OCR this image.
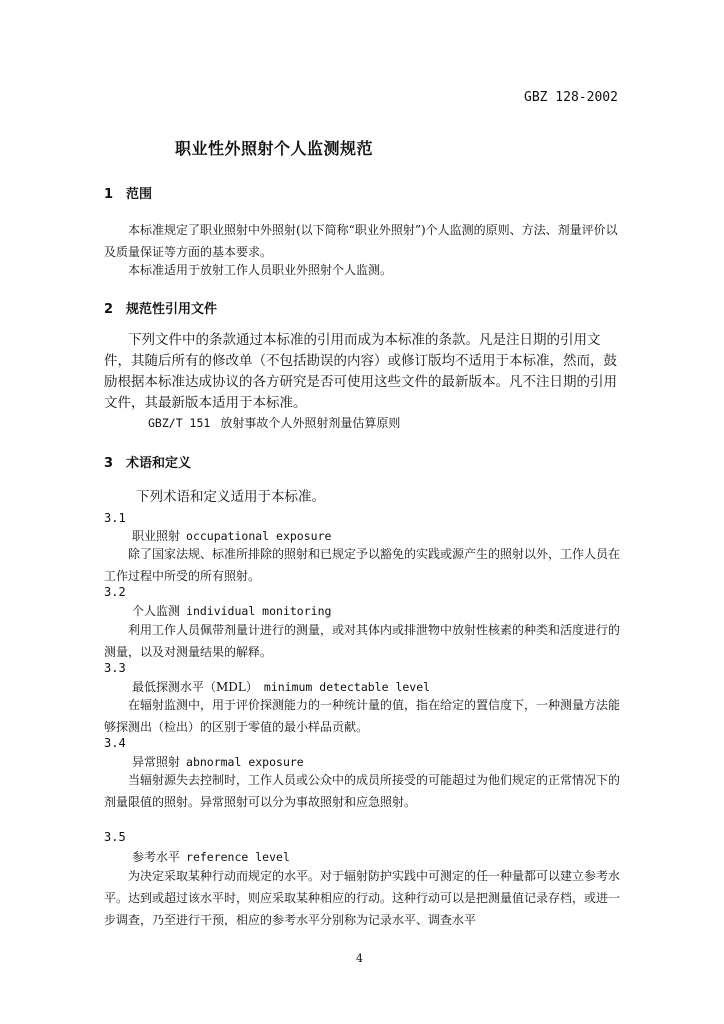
GBZ 128-2002
职业性外照射个人监测规范
1 范围
本标准规定了职业照射中外照射(以下简称“职业外照射”)个人监测的原则、方法、剂量评价以及质量保证等方面的基本要求。
本标准适用于放射工作人员职业外照射个人监测。
2 规范性引用文件
下列文件中的条款通过本标准的引用而成为本标准的条款。凡是注日期的引用文件，其随后所有的修改单（不包括勘误的内容）或修订版均不适用于本标准，然而，鼓励根据本标准达成协议的各方研究是否可使用这些文件的最新版本。凡不注日期的引用文件，其最新版本适用于本标准。
GBZ/T 151 放射事故个人外照射剂量估算原则
3 术语和定义
下列术语和定义适用于本标准。
3.1
职业照射 occupational exposure
除了国家法规、标准所排除的照射和已规定予以豁免的实践或源产生的照射以外，工作人员在工作过程中所受的所有照射。
3.2
个人监测 individual monitoring
利用工作人员佩带剂量计进行的测量，或对其体内或排泄物中放射性核素的种类和活度进行的测量，以及对测量结果的解释。
3.3
最低探测水平（MDL） minimum detectable level
在辐射监测中，用于评价探测能力的一种统计量的值，指在给定的置信度下，一种测量方法能够探测出（检出）的区别于零值的最小样品贡献。
3.4
异常照射 abnormal exposure
当辐射源失去控制时，工作人员或公众中的成员所接受的可能超过为他们规定的正常情况下的剂量限值的照射。异常照射可以分为事故照射和应急照射。
3.5
参考水平 reference level
为决定采取某种行动而规定的水平。对于辐射防护实践中可测定的任一种量都可以建立参考水平。达到或超过该水平时，则应采取某种相应的行动。这种行动可以是把测量值记录存档，或进一步调查，乃至进行干预，相应的参考水平分别称为记录水平、调查水平
4
